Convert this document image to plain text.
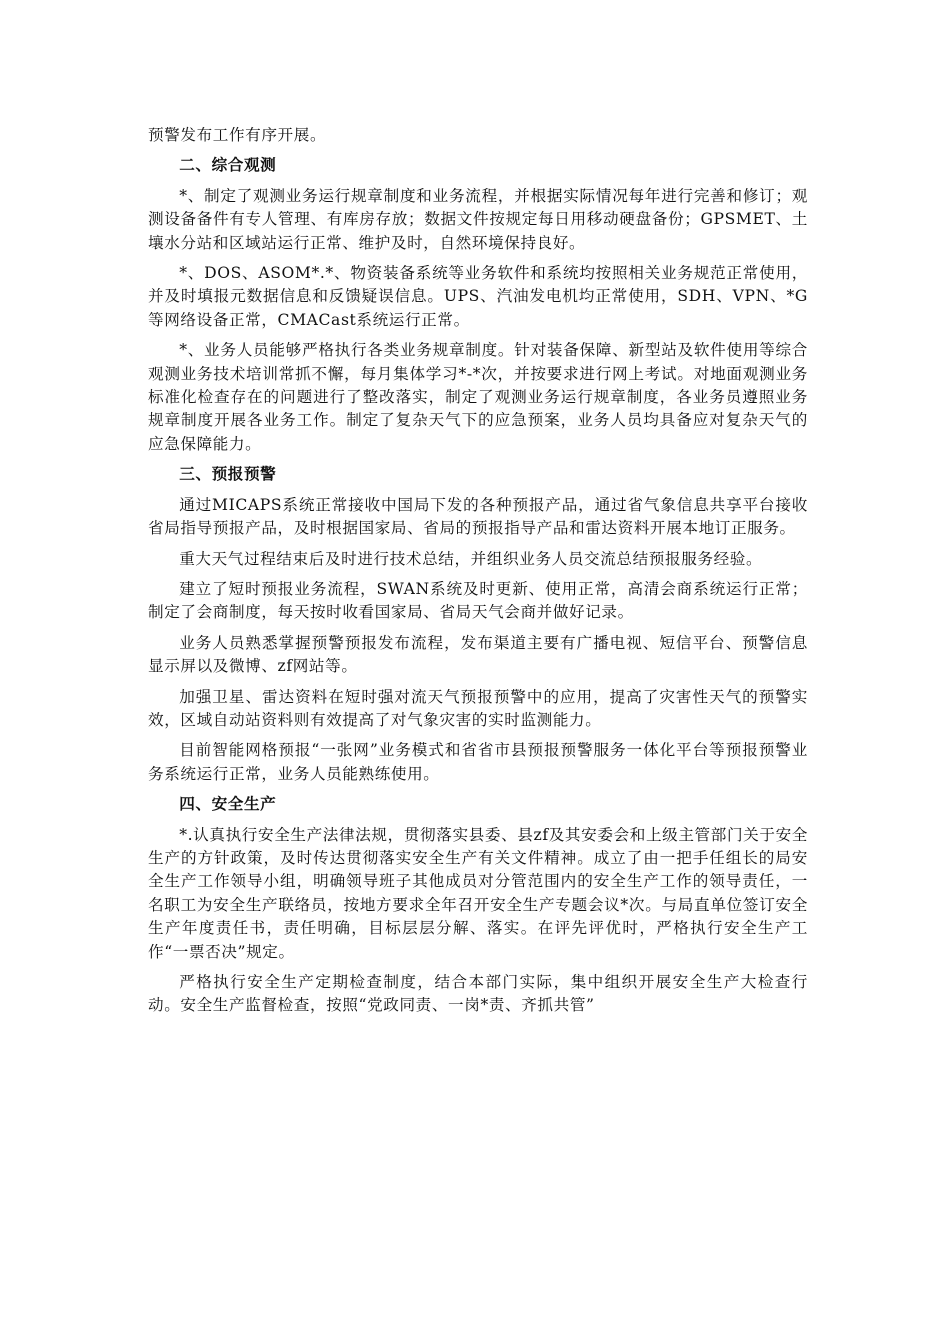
预警发布工作有序开展。

二、综合观测

*、制定了观测业务运行规章制度和业务流程，并根据实际情况每年进行完善和修订；观测设备备件有专人管理、有库房存放；数据文件按规定每日用移动硬盘备份；GPSMET、土壤水分站和区域站运行正常、维护及时，自然环境保持良好。

*、DOS、ASOM*.*、物资装备系统等业务软件和系统均按照相关业务规范正常使用，并及时填报元数据信息和反馈疑误信息。UPS、汽油发电机均正常使用，SDH、VPN、*G等网络设备正常，CMACast系统运行正常。

*、业务人员能够严格执行各类业务规章制度。针对装备保障、新型站及软件使用等综合观测业务技术培训常抓不懈，每月集体学习*-*次，并按要求进行网上考试。对地面观测业务标准化检查存在的问题进行了整改落实，制定了观测业务运行规章制度，各业务员遵照业务规章制度开展各业务工作。制定了复杂天气下的应急预案，业务人员均具备应对复杂天气的应急保障能力。

三、预报预警

通过MICAPS系统正常接收中国局下发的各种预报产品，通过省气象信息共享平台接收省局指导预报产品，及时根据国家局、省局的预报指导产品和雷达资料开展本地订正服务。

重大天气过程结束后及时进行技术总结，并组织业务人员交流总结预报服务经验。

建立了短时预报业务流程，SWAN系统及时更新、使用正常，高清会商系统运行正常；制定了会商制度，每天按时收看国家局、省局天气会商并做好记录。

业务人员熟悉掌握预警预报发布流程，发布渠道主要有广播电视、短信平台、预警信息显示屏以及微博、zf网站等。

加强卫星、雷达资料在短时强对流天气预报预警中的应用，提高了灾害性天气的预警实效，区域自动站资料则有效提高了对气象灾害的实时监测能力。

目前智能网格预报“一张网”业务模式和省省市县预报预警服务一体化平台等预报预警业务系统运行正常，业务人员能熟练使用。

四、安全生产

*.认真执行安全生产法律法规，贯彻落实县委、县zf及其安委会和上级主管部门关于安全生产的方针政策，及时传达贯彻落实安全生产有关文件精神。成立了由一把手任组长的局安全生产工作领导小组，明确领导班子其他成员对分管范围内的安全生产工作的领导责任，一名职工为安全生产联络员，按地方要求全年召开安全生产专题会议*次。与局直单位签订安全生产年度责任书，责任明确，目标层层分解、落实。在评先评优时，严格执行安全生产工作“一票否决”规定。

严格执行安全生产定期检查制度，结合本部门实际，集中组织开展安全生产大检查行动。安全生产监督检查，按照“党政同责、一岗*责、齐抓共管”
